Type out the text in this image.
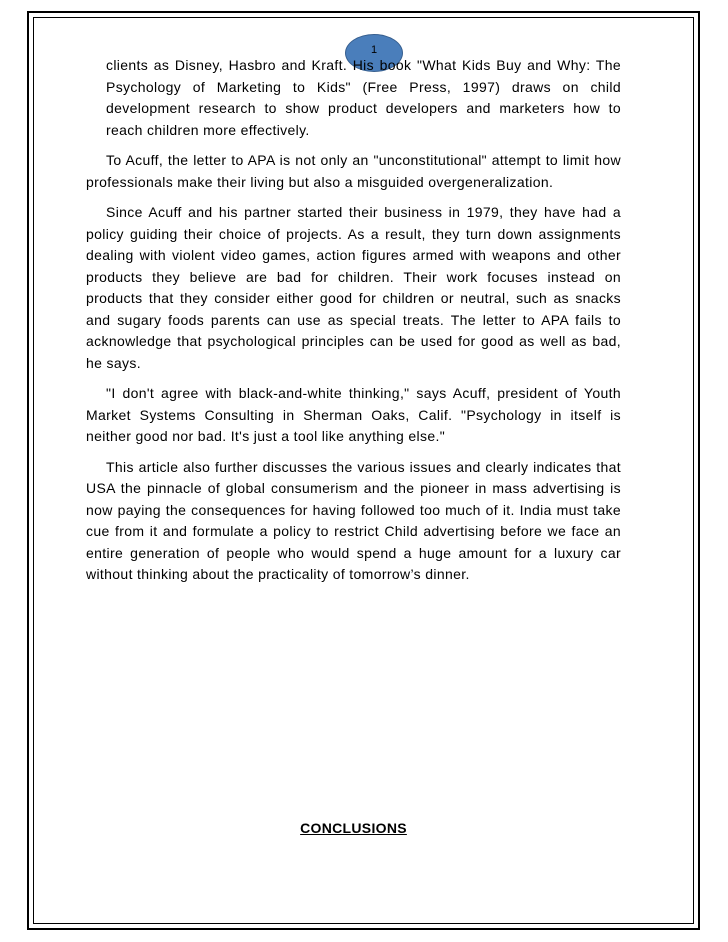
1

clients as Disney, Hasbro and Kraft. His book "What Kids Buy and Why: The Psychology of Marketing to Kids" (Free Press, 1997) draws on child development research to show product developers and marketers how to reach children more effectively.

To Acuff, the letter to APA is not only an "unconstitutional" attempt to limit how professionals make their living but also a misguided overgeneralization.

Since Acuff and his partner started their business in 1979, they have had a policy guiding their choice of projects. As a result, they turn down assignments dealing with violent video games, action figures armed with weapons and other products they believe are bad for children. Their work focuses instead on products that they consider either good for children or neutral, such as snacks and sugary foods parents can use as special treats. The letter to APA fails to acknowledge that psychological principles can be used for good as well as bad, he says.

"I don't agree with black-and-white thinking," says Acuff, president of Youth Market Systems Consulting in Sherman Oaks, Calif. "Psychology in itself is neither good nor bad. It's just a tool like anything else."

This article also further discusses the various issues and clearly indicates that USA the pinnacle of global consumerism and the pioneer in mass advertising is now paying the consequences for having followed too much of it. India must take cue from it and formulate a policy to restrict Child advertising before we face an entire generation of people who would spend a huge amount for a luxury car without thinking about the practicality of tomorrow’s dinner.

CONCLUSIONS
